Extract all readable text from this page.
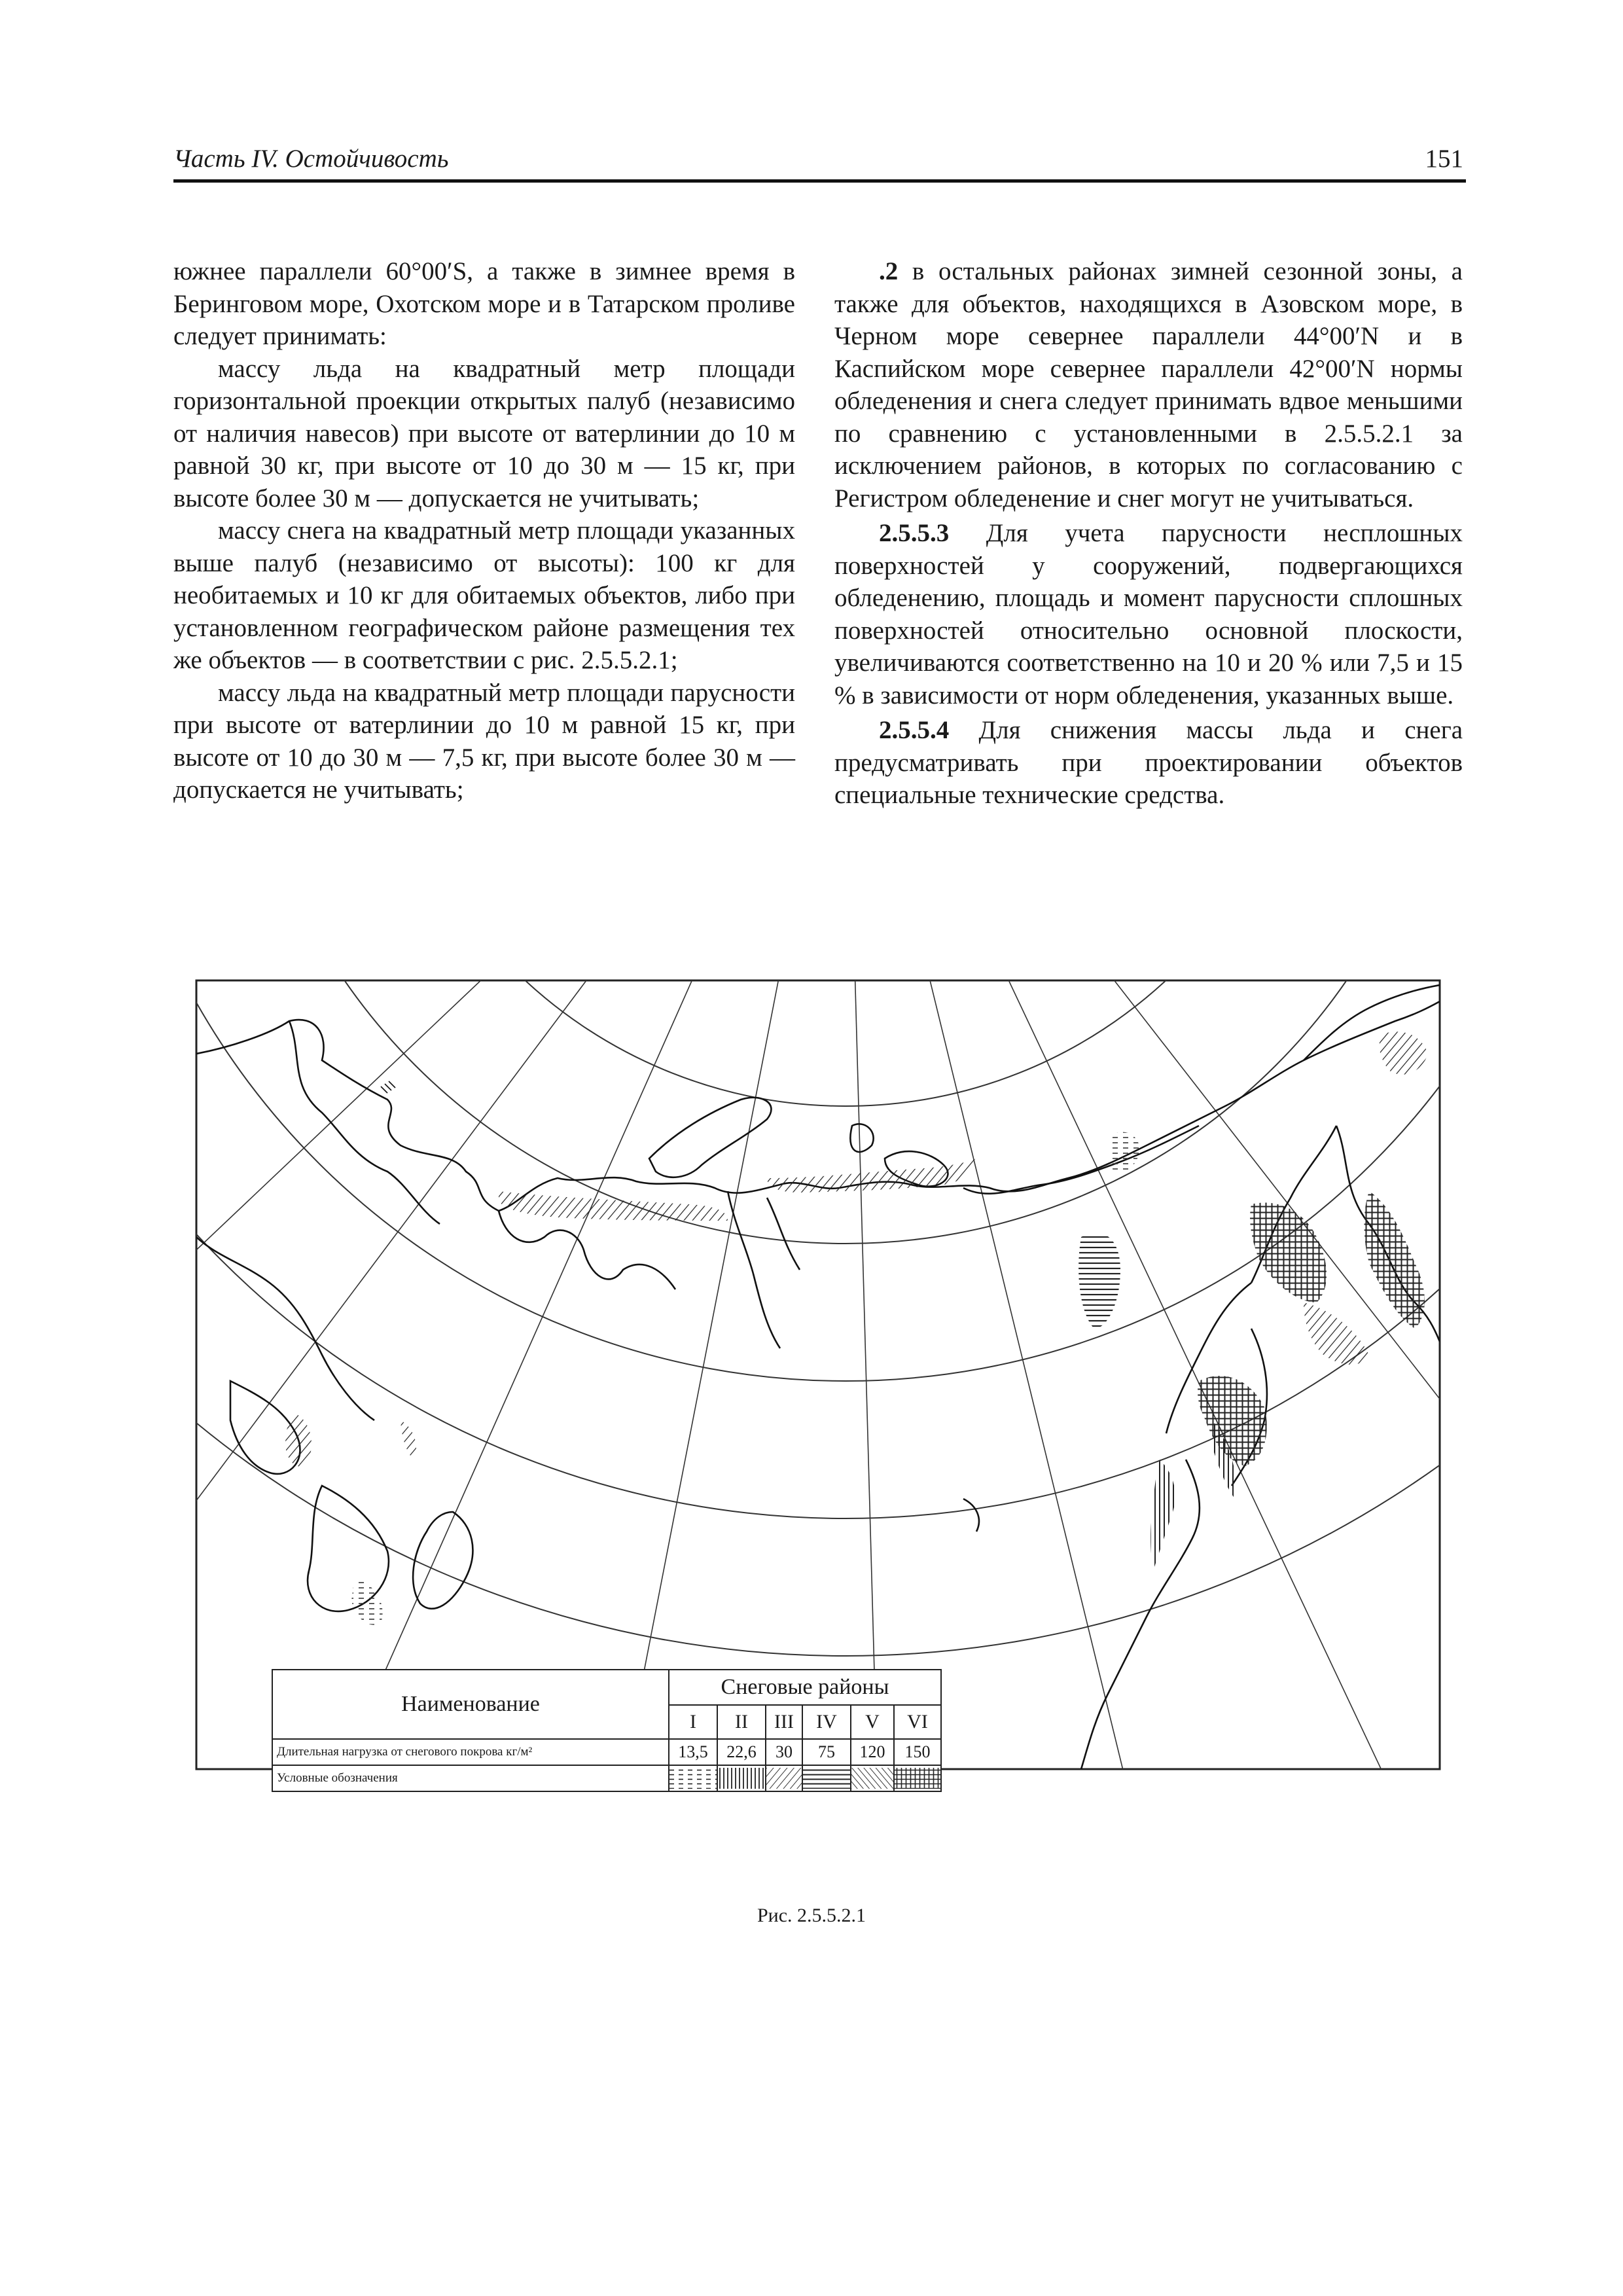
Часть IV. Остойчивость	151

южнее параллели 60°00′S, а также в зимнее время в Беринговом море, Охотском море и в Татарском проливе следует принимать:

массу льда на квадратный метр площади горизонтальной проекции открытых палуб (независимо от наличия навесов) при высоте от ватерлинии до 10 м равной 30 кг, при высоте от 10 до 30 м — 15 кг, при высоте более 30 м — допускается не учитывать;

массу снега на квадратный метр площади указанных выше палуб (независимо от высоты): 100 кг для необитаемых и 10 кг для обитаемых объектов, либо при установленном географическом районе размещения тех же объектов — в соответствии с рис. 2.5.5.2.1;

массу льда на квадратный метр площади парусности при высоте от ватерлинии до 10 м равной 15 кг, при высоте от 10 до 30 м — 7,5 кг, при высоте более 30 м — допускается не учитывать;

.2 в остальных районах зимней сезонной зоны, а также для объектов, находящихся в Азовском море, в Черном море севернее параллели 44°00′N и в Каспийском море севернее параллели 42°00′N нормы обледенения и снега следует принимать вдвое меньшими по сравнению с установленными в 2.5.5.2.1 за исключением районов, в которых по согласованию с Регистром обледенение и снег могут не учитываться.

2.5.5.3 Для учета парусности несплошных поверхностей у сооружений, подвергающихся обледенению, площадь и момент парусности сплошных поверхностей относительно основной плоскости, увеличиваются соответственно на 10 и 20 % или 7,5 и 15 % в зависимости от норм обледенения, указанных выше.

2.5.5.4 Для снижения массы льда и снега предусматривать при проектировании объектов специальные технические средства.

Наименование	Снеговые районы					
	I	II	III	IV	V	VI
Длительная нагрузка от снегового покрова кг/м²	13,5	22,6	30	75	120	150
Условные обозначения	

Рис. 2.5.5.2.1
